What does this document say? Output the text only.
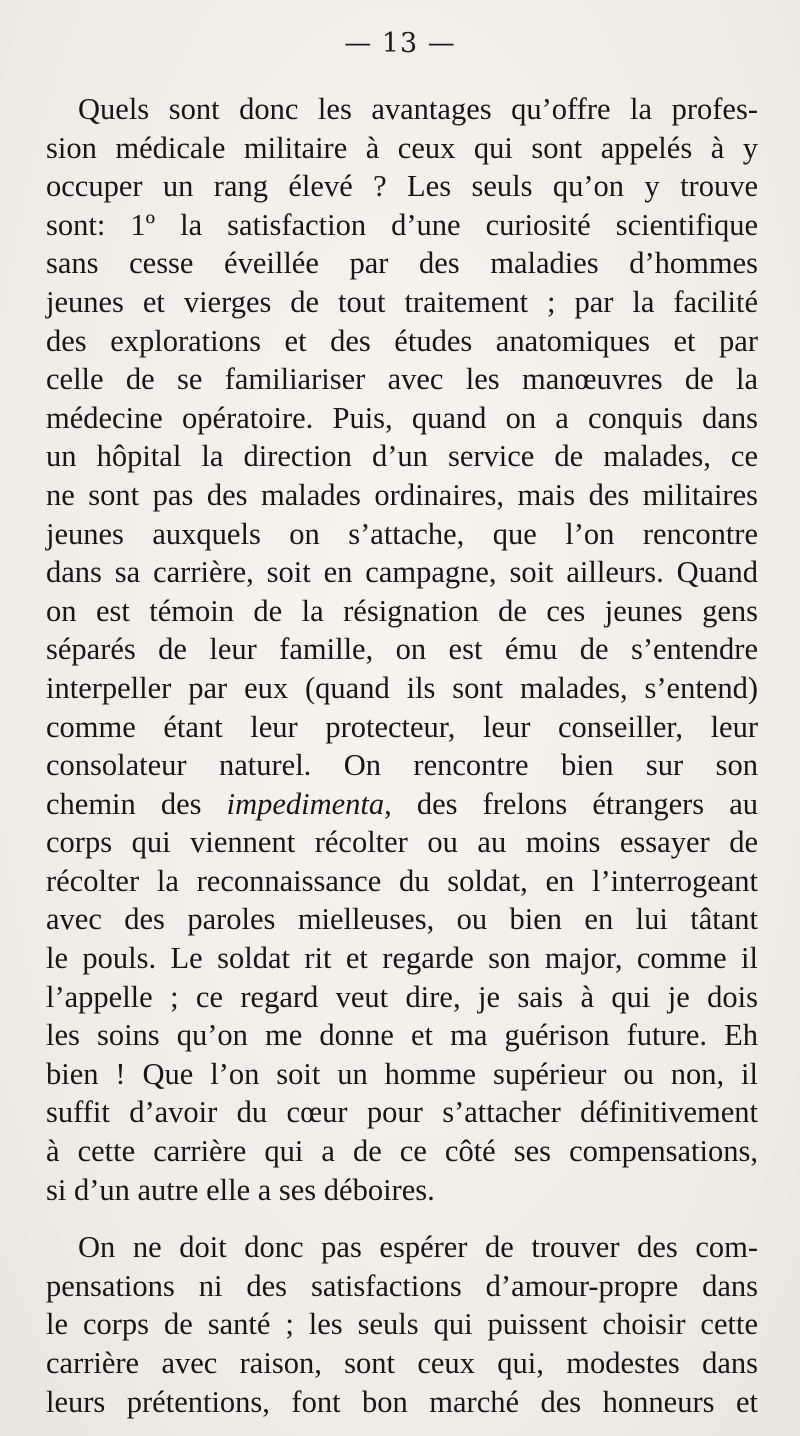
— 13 —
Quels sont donc les avantages qu’offre la profes-
sion médicale militaire à ceux qui sont appelés à y
occuper un rang élevé ? Les seuls qu’on y trouve
sont: 1º la satisfaction d’une curiosité scientifique
sans cesse éveillée par des maladies d’hommes
jeunes et vierges de tout traitement ; par la facilité
des explorations et des études anatomiques et par
celle de se familiariser avec les manœuvres de la
médecine opératoire. Puis, quand on a conquis dans
un hôpital la direction d’un service de malades, ce
ne sont pas des malades ordinaires, mais des militaires
jeunes auxquels on s’attache, que l’on rencontre
dans sa carrière, soit en campagne, soit ailleurs. Quand
on est témoin de la résignation de ces jeunes gens
séparés de leur famille, on est ému de s’entendre
interpeller par eux (quand ils sont malades, s’entend)
comme étant leur protecteur, leur conseiller, leur
consolateur naturel. On rencontre bien sur son
chemin des impedimenta, des frelons étrangers au
corps qui viennent récolter ou au moins essayer de
récolter la reconnaissance du soldat, en l’interrogeant
avec des paroles mielleuses, ou bien en lui tâtant
le pouls. Le soldat rit et regarde son major, comme il
l’appelle ; ce regard veut dire, je sais à qui je dois
les soins qu’on me donne et ma guérison future. Eh
bien ! Que l’on soit un homme supérieur ou non, il
suffit d’avoir du cœur pour s’attacher définitivement
à cette carrière qui a de ce côté ses compensations,
si d’un autre elle a ses déboires.
On ne doit donc pas espérer de trouver des com-
pensations ni des satisfactions d’amour-propre dans
le corps de santé ; les seuls qui puissent choisir cette
carrière avec raison, sont ceux qui, modestes dans
leurs prétentions, font bon marché des honneurs et
